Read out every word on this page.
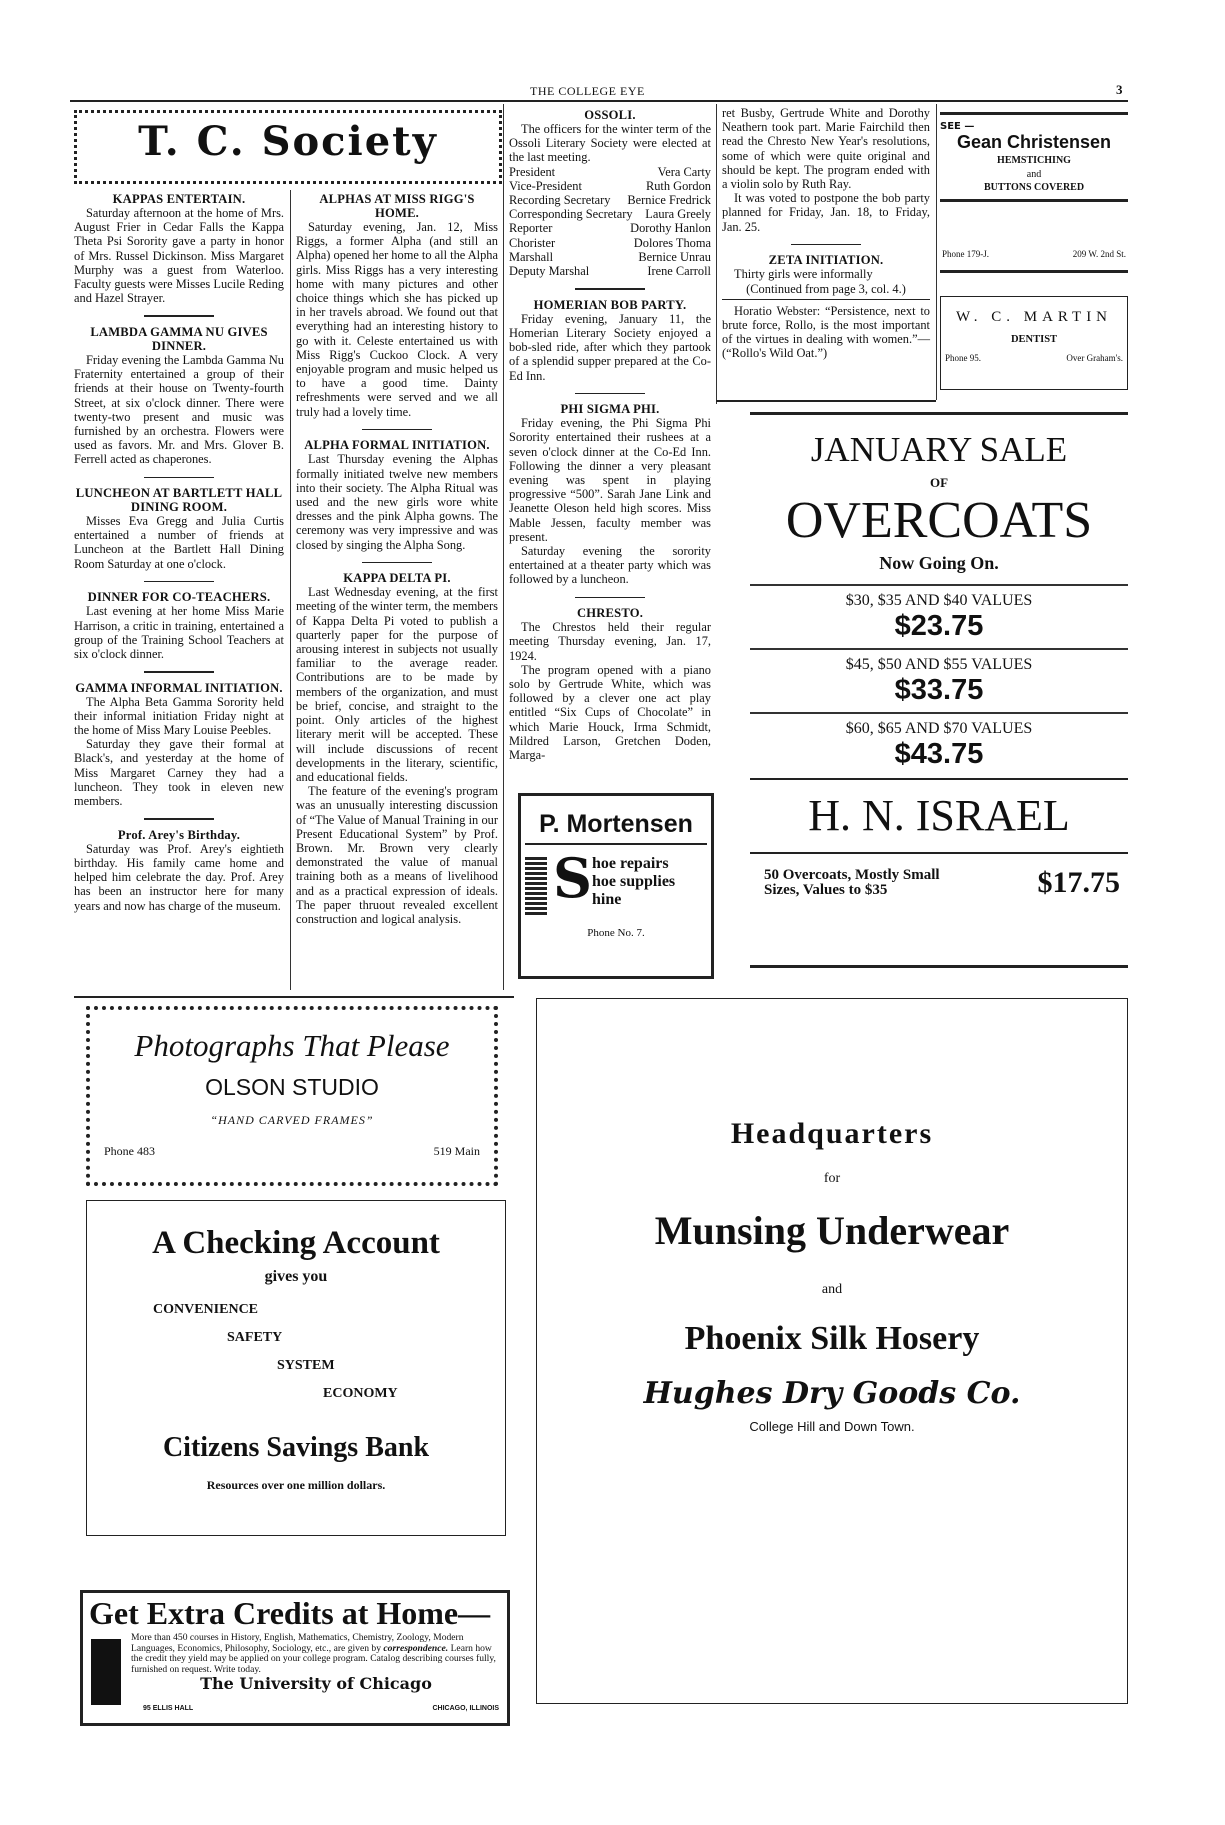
THE COLLEGE EYE	3
T. C. Society
KAPPAS ENTERTAIN.

Saturday afternoon at the home of Mrs. August Frier in Cedar Falls the Kappa Theta Psi Sorority gave a party in honor of Mrs. Russel Dickinson. Miss Margaret Murphy was a guest from Waterloo. Faculty guests were Misses Lucile Reding and Hazel Strayer.

LAMBDA GAMMA NU GIVES DINNER.

Friday evening the Lambda Gamma Nu Fraternity entertained a group of their friends at their house on Twenty-fourth Street, at six o'clock dinner. There were twenty-two present and music was furnished by an orchestra. Flowers were used as favors. Mr. and Mrs. Glover B. Ferrell acted as chaperones.

LUNCHEON AT BARTLETT HALL DINING ROOM.

Misses Eva Gregg and Julia Curtis entertained a number of friends at Luncheon at the Bartlett Hall Dining Room Saturday at one o'clock.

DINNER FOR CO-TEACHERS.

Last evening at her home Miss Marie Harrison, a critic in training, entertained a group of the Training School Teachers at six o'clock dinner.

GAMMA INFORMAL INITIATION.

The Alpha Beta Gamma Sorority held their informal initiation Friday night at the home of Miss Mary Louise Peebles.

Saturday they gave their formal at Black's, and yesterday at the home of Miss Margaret Carney they had a luncheon. They took in eleven new members.

Prof. Arey's Birthday.

Saturday was Prof. Arey's eightieth birthday. His family came home and helped him celebrate the day. Prof. Arey has been an instructor here for many years and now has charge of the museum.

ALPHAS AT MISS RIGG'S HOME.

Saturday evening, Jan. 12, Miss Riggs, a former Alpha (and still an Alpha) opened her home to all the Alpha girls. Miss Riggs has a very interesting home with many pictures and other choice things which she has picked up in her travels abroad. We found out that everything had an interesting history to go with it. Celeste entertained us with Miss Rigg's Cuckoo Clock. A very enjoyable program and music helped us to have a good time. Dainty refreshments were served and we all truly had a lovely time.

ALPHA FORMAL INITIATION.

Last Thursday evening the Alphas formally initiated twelve new members into their society. The Alpha Ritual was used and the new girls wore white dresses and the pink Alpha gowns. The ceremony was very impressive and was closed by singing the Alpha Song.

KAPPA DELTA PI.

Last Wednesday evening, at the first meeting of the winter term, the members of Kappa Delta Pi voted to publish a quarterly paper for the purpose of arousing interest in subjects not usually familiar to the average reader. Contributions are to be made by members of the organization, and must be brief, concise, and straight to the point. Only articles of the highest literary merit will be accepted. These will include discussions of recent developments in the literary, scientific, and educational fields.

The feature of the evening's program was an unusually interesting discussion of “The Value of Manual Training in our Present Educational System” by Prof. Brown. Mr. Brown very clearly demonstrated the value of manual training both as a means of livelihood and as a practical expression of ideals. The paper thruout revealed excellent construction and logical analysis.

OSSOLI.

The officers for the winter term of the Ossoli Literary Society were elected at the last meeting.

President	Vera Carty
Vice-President	Ruth Gordon
Recording Secretary Bernice Fredrick
Corresponding Secretary Laura Greely
Reporter	Dorothy Hanlon
Chorister	Dolores Thoma
Marshall	Bernice Unrau
Deputy Marshal	Irene Carroll
HOMERIAN BOB PARTY.

Friday evening, January 11, the Homerian Literary Society enjoyed a bob-sled ride, after which they partook of a splendid supper prepared at the Co-Ed Inn.

PHI SIGMA PHI.

Friday evening, the Phi Sigma Phi Sorority entertained their rushees at a seven o'clock dinner at the Co-Ed Inn. Following the dinner a very pleasant evening was spent in playing progressive “500”. Sarah Jane Link and Jeanette Oleson held high scores. Miss Mable Jessen, faculty member was present.

Saturday evening the sorority entertained at a theater party which was followed by a luncheon.

CHRESTO.

The Chrestos held their regular meeting Thursday evening, Jan. 17, 1924.

The program opened with a piano solo by Gertrude White, which was followed by a clever one act play entitled “Six Cups of Chocolate” in which Marie Houck, Irma Schmidt, Mildred Larson, Gretchen Doden, Marga-

ret Busby, Gertrude White and Dorothy Neathern took part. Marie Fairchild then read the Chresto New Year's resolutions, some of which were quite original and should be kept. The program ended with a violin solo by Ruth Ray.

It was voted to postpone the bob party planned for Friday, Jan. 18, to Friday, Jan. 25.

ZETA INITIATION.

Thirty girls were informally

(Continued from page 3, col. 4.)

Horatio Webster: “Persistence, next to brute force, Rollo, is the most important of the virtues in dealing with women.”—(“Rollo's Wild Oat.”)

SEE —
Gean Christensen
HEMSTICHING
and
BUTTONS COVERED
Phone 179-J.	209 W. 2nd St.
W. C. MARTIN
DENTIST
Phone 95.	Over Graham's.
JANUARY SALE
OF
OVERCOATS
Now Going On.
$30, $35 AND $40 VALUES
$23.75
$45, $50 AND $55 VALUES
$33.75
$60, $65 AND $70 VALUES
$43.75
H. N. ISRAEL
50 Overcoats, Mostly Small
Sizes, Values to $35	$17.75
P. Mortensen
S hoe repairs
hoe supplies
hine
Phone No. 7.
Photographs That Please
OLSON STUDIO
“HAND CARVED FRAMES”
Phone 483	519 Main
A Checking Account
gives you
CONVENIENCE
SAFETY
SYSTEM
ECONOMY
Citizens Savings Bank
Resources over one million dollars.
Get Extra Credits at Home—
More than 450 courses in History, English, Mathematics, Chemistry, Zoology, Modern Languages, Economics, Philosophy, Sociology, etc., are given by correspondence. Learn how the credit they yield may be applied on your college program. Catalog describing courses fully, furnished on request. Write today.
The University of Chicago
95 ELLIS HALL	CHICAGO, ILLINOIS
Headquarters
for
Munsing Underwear
and
Phoenix Silk Hosery
Hughes Dry Goods Co.
College Hill and Down Town.
